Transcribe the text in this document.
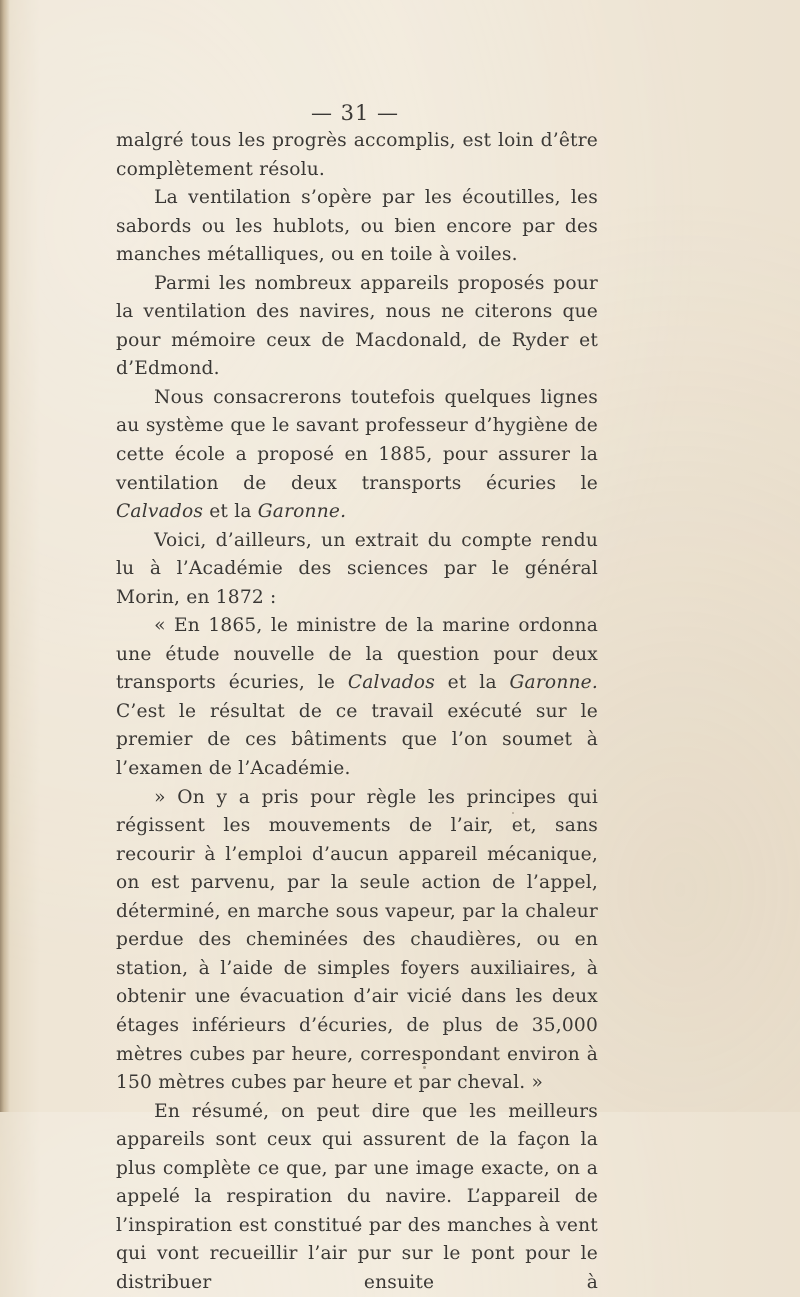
— 31 —

malgré tous les progrès accomplis, est loin d’être complètement résolu.

La ventilation s’opère par les écoutilles, les sabords ou les hublots, ou bien encore par des manches métalliques, ou en toile à voiles.

Parmi les nombreux appareils proposés pour la ventilation des navires, nous ne citerons que pour mémoire ceux de Macdonald, de Ryder et d’Edmond.

Nous consacrerons toutefois quelques lignes au système que le savant professeur d’hygiène de cette école a proposé en 1885, pour assurer la ventilation de deux transports écuries le Calvados et la Garonne.

Voici, d’ailleurs, un extrait du compte rendu lu à l’Académie des sciences par le général Morin, en 1872 :

« En 1865, le ministre de la marine ordonna une étude nouvelle de la question pour deux transports écuries, le Calvados et la Garonne. C’est le résultat de ce travail exécuté sur le premier de ces bâtiments que l’on soumet à l’examen de l’Académie.

» On y a pris pour règle les principes qui régissent les mouvements de l’air, et, sans recourir à l’emploi d’aucun appareil mécanique, on est parvenu, par la seule action de l’appel, déterminé, en marche sous vapeur, par la chaleur perdue des cheminées des chaudières, ou en station, à l’aide de simples foyers auxiliaires, à obtenir une évacuation d’air vicié dans les deux étages inférieurs d’écuries, de plus de 35,000 mètres cubes par heure, correspondant environ à 150 mètres cubes par heure et par cheval. »

En résumé, on peut dire que les meilleurs appareils sont ceux qui assurent de la façon la plus complète ce que, par une image exacte, on a appelé la respiration du navire. L’appareil de l’inspiration est constitué par des manches à vent qui vont recueillir l’air pur sur le pont pour le distribuer ensuite à
